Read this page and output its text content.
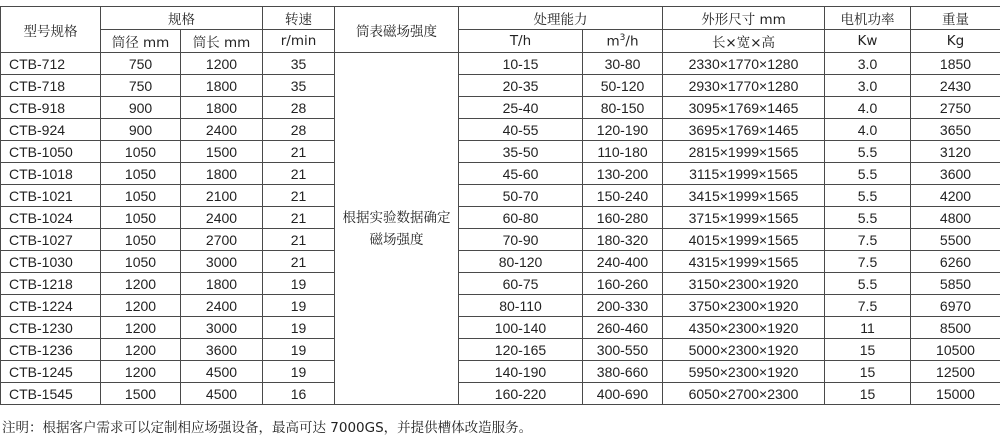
型号规格	规格		转速	筒表磁场强度	处理能力		外形尺寸 mm	电机功率	重量
	筒径 mm	筒长 mm	r/min		T/h	$m^3/h$	长×宽×高	Kw	Kg
CTB-712	750	1200	35	根据实验数据确定磁场强度	10-15	30-80	2330×1770×1280	3.0	1850
CTB-718	750	1800	35		20-35	50-120	2930×1770×1280	3.0	2430
CTB-918	900	1800	28		25-40	80-150	3095×1769×1465	4.0	2750
CTB-924	900	2400	28		40-55	120-190	3695×1769×1465	4.0	3650
CTB-1050	1050	1500	21		35-50	110-180	2815×1999×1565	5.5	3120
CTB-1018	1050	1800	21		45-60	130-200	3115×1999×1565	5.5	3600
CTB-1021	1050	2100	21		50-70	150-240	3415×1999×1565	5.5	4200
CTB-1024	1050	2400	21		60-80	160-280	3715×1999×1565	5.5	4800
CTB-1027	1050	2700	21		70-90	180-320	4015×1999×1565	7.5	5500
CTB-1030	1050	3000	21		80-120	240-400	4315×1999×1565	7.5	6260
CTB-1218	1200	1800	19		60-75	160-260	3150×2300×1920	5.5	5850
CTB-1224	1200	2400	19		80-110	200-330	3750×2300×1920	7.5	6970
CTB-1230	1200	3000	19		100-140	260-460	4350×2300×1920	11	8500
CTB-1236	1200	3600	19		120-165	300-550	5000×2300×1920	15	10500
CTB-1245	1200	4500	19		140-190	380-660	5950×2300×1920	15	12500
CTB-1545	1500	4500	16		160-220	400-690	6050×2700×2300	15	15000
注明：根据客户需求可以定制相应场强设备，最高可达 7000GS，并提供槽体改造服务。
